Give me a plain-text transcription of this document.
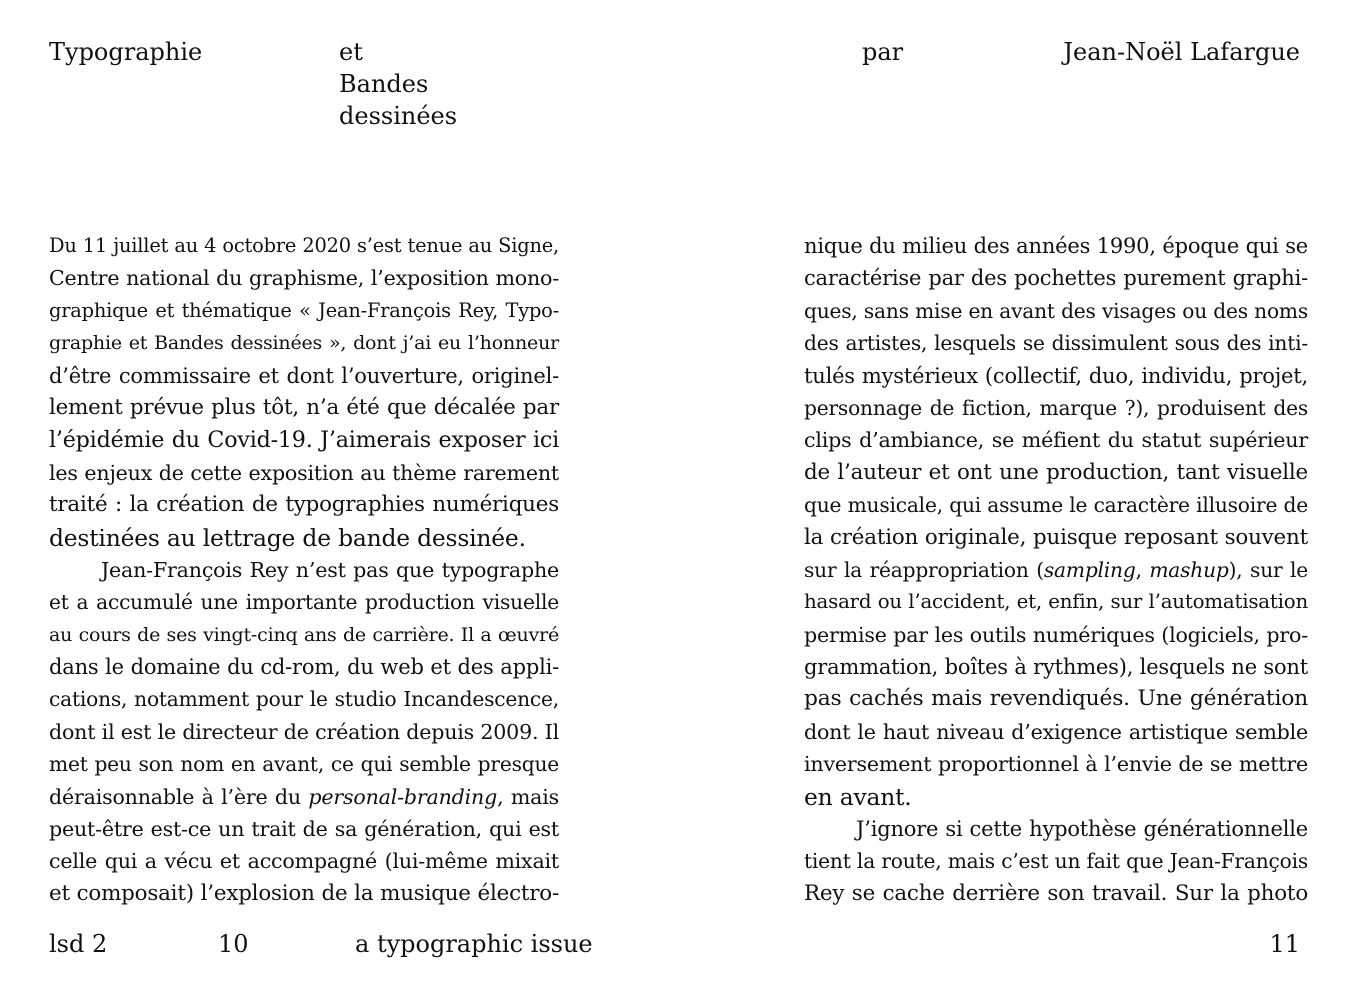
Typographie	et
Bandes
dessinées
par	Jean-Noël Lafargue
Du 11 juillet au 4 octobre 2020 s’est tenue au Signe,
Centre national du graphisme, l’exposition mono-
graphique et thématique « Jean-François Rey, Typo-
graphie et Bandes dessinées », dont j’ai eu l’honneur
d’être commissaire et dont l’ouverture, originel-
lement prévue plus tôt, n’a été que décalée par
l’épidémie du Covid-19. J’aimerais exposer ici
les enjeux de cette exposition au thème rarement
traité : la création de typographies numériques
destinées au lettrage de bande dessinée.
Jean-François Rey n’est pas que typographe
et a accumulé une importante production visuelle
au cours de ses vingt-cinq ans de carrière. Il a œuvré
dans le domaine du cd-rom, du web et des appli-
cations, notamment pour le studio Incandescence,
dont il est le directeur de création depuis 2009. Il
met peu son nom en avant, ce qui semble presque
déraisonnable à l’ère du personal-branding, mais
peut-être est-ce un trait de sa génération, qui est
celle qui a vécu et accompagné (lui-même mixait
et composait) l’explosion de la musique électro-
nique du milieu des années 1990, époque qui se
caractérise par des pochettes purement graphi-
ques, sans mise en avant des visages ou des noms
des artistes, lesquels se dissimulent sous des inti-
tulés mystérieux (collectif, duo, individu, projet,
personnage de fiction, marque ?), produisent des
clips d’ambiance, se méfient du statut supérieur
de l’auteur et ont une production, tant visuelle
que musicale, qui assume le caractère illusoire de
la création originale, puisque reposant souvent
sur la réappropriation (sampling, mashup), sur le
hasard ou l’accident, et, enfin, sur l’automatisation
permise par les outils numériques (logiciels, pro-
grammation, boîtes à rythmes), lesquels ne sont
pas cachés mais revendiqués. Une génération
dont le haut niveau d’exigence artistique semble
inversement proportionnel à l’envie de se mettre
en avant.
J’ignore si cette hypothèse générationnelle
tient la route, mais c’est un fait que Jean-François
Rey se cache derrière son travail. Sur la photo
lsd 2	10	a typographic issue	11
